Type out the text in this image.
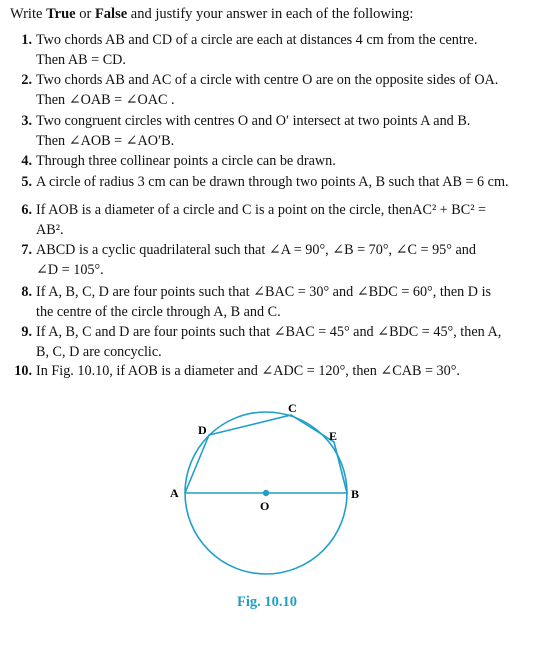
Write True or False and justify your answer in each of the following:
1. Two chords AB and CD of a circle are each at distances 4 cm from the centre.
Then AB = CD.
2. Two chords AB and AC of a circle with centre O are on the opposite sides of OA.
Then ∠OAB = ∠OAC .
3. Two congruent circles with centres O and O′ intersect at two points A and B.
Then ∠AOB = ∠AO′B.
4. Through three collinear points a circle can be drawn.
5. A circle of radius 3 cm can be drawn through two points A, B such that AB = 6 cm.
6. If AOB is a diameter of a circle and C is a point on the circle, thenAC² + BC² =
AB².
7. ABCD is a cyclic quadrilateral such that ∠A = 90°, ∠B = 70°, ∠C = 95° and
∠D = 105°.
8. If A, B, C, D are four points such that ∠BAC = 30° and ∠BDC = 60°, then D is
the centre of the circle through A, B and C.
9. If A, B, C and D are four points such that ∠BAC = 45° and ∠BDC = 45°, then A,
B, C, D are concyclic.
10. In Fig. 10.10, if AOB is a diameter and ∠ADC = 120°, then ∠CAB = 30°.
A	B
C
D	E
O
Fig. 10.10
